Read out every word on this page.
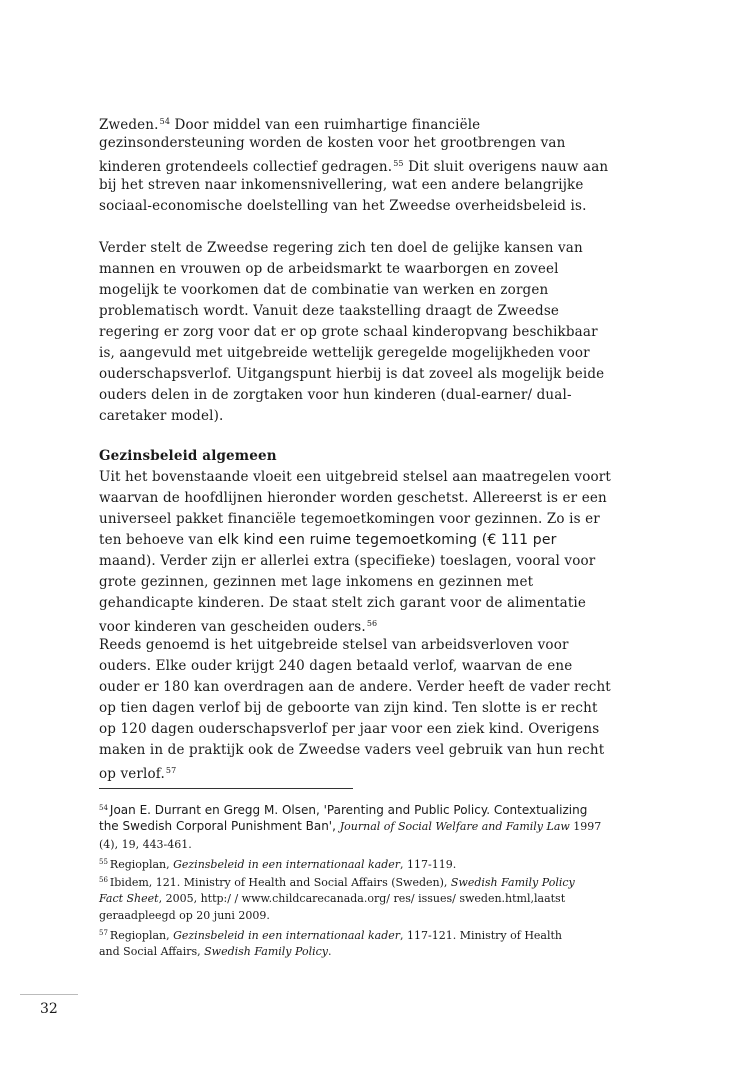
Zweden.$^{54}$ Door middel van een ruimhartige financiële

gezinsondersteuning worden de kosten voor het grootbrengen van

kinderen grotendeels collectief gedragen.$^{55}$ Dit sluit overigens nauw aan

bij het streven naar inkomensnivellering, wat een andere belangrijke

sociaal-economische doelstelling van het Zweedse overheidsbeleid is.

Verder stelt de Zweedse regering zich ten doel de gelijke kansen van

mannen en vrouwen op de arbeidsmarkt te waarborgen en zoveel

mogelijk te voorkomen dat de combinatie van werken en zorgen

problematisch wordt. Vanuit deze taakstelling draagt de Zweedse

regering er zorg voor dat er op grote schaal kinderopvang beschikbaar

is, aangevuld met uitgebreide wettelijk geregelde mogelijkheden voor

ouderschapsverlof. Uitgangspunt hierbij is dat zoveel als mogelijk beide

ouders delen in de zorgtaken voor hun kinderen (dual-earner/ dual-

caretaker model).

Gezinsbeleid algemeen

Uit het bovenstaande vloeit een uitgebreid stelsel aan maatregelen voort

waarvan de hoofdlijnen hieronder worden geschetst. Allereerst is er een

universeel pakket financiële tegemoetkomingen voor gezinnen. Zo is er

ten behoeve van elk kind een ruime tegemoetkoming (€ 111 per

maand). Verder zijn er allerlei extra (specifieke) toeslagen, vooral voor

grote gezinnen, gezinnen met lage inkomens en gezinnen met

gehandicapte kinderen. De staat stelt zich garant voor de alimentatie

voor kinderen van gescheiden ouders.$^{56}$

Reeds genoemd is het uitgebreide stelsel van arbeidsverloven voor

ouders. Elke ouder krijgt 240 dagen betaald verlof, waarvan de ene

ouder er 180 kan overdragen aan de andere. Verder heeft de vader recht

op tien dagen verlof bij de geboorte van zijn kind. Ten slotte is er recht

op 120 dagen ouderschapsverlof per jaar voor een ziek kind. Overigens

maken in de praktijk ook de Zweedse vaders veel gebruik van hun recht

op verlof.$^{57}$

$^{54}$ Joan E. Durrant en Gregg M. Olsen, 'Parenting and Public Policy. Contextualizing

the Swedish Corporal Punishment Ban', Journal of Social Welfare and Family Law 1997

(4), 19, 443-461.

$^{55}$ Regioplan, Gezinsbeleid in een internationaal kader, 117-119.

$^{56}$ Ibidem, 121. Ministry of Health and Social Affairs (Sweden), Swedish Family Policy

Fact Sheet, 2005, http:/ / www.childcarecanada.org/ res/ issues/ sweden.html,laatst

geraadpleegd op 20 juni 2009.

$^{57}$ Regioplan, Gezinsbeleid in een internationaal kader, 117-121. Ministry of Health

and Social Affairs, Swedish Family Policy.

32
